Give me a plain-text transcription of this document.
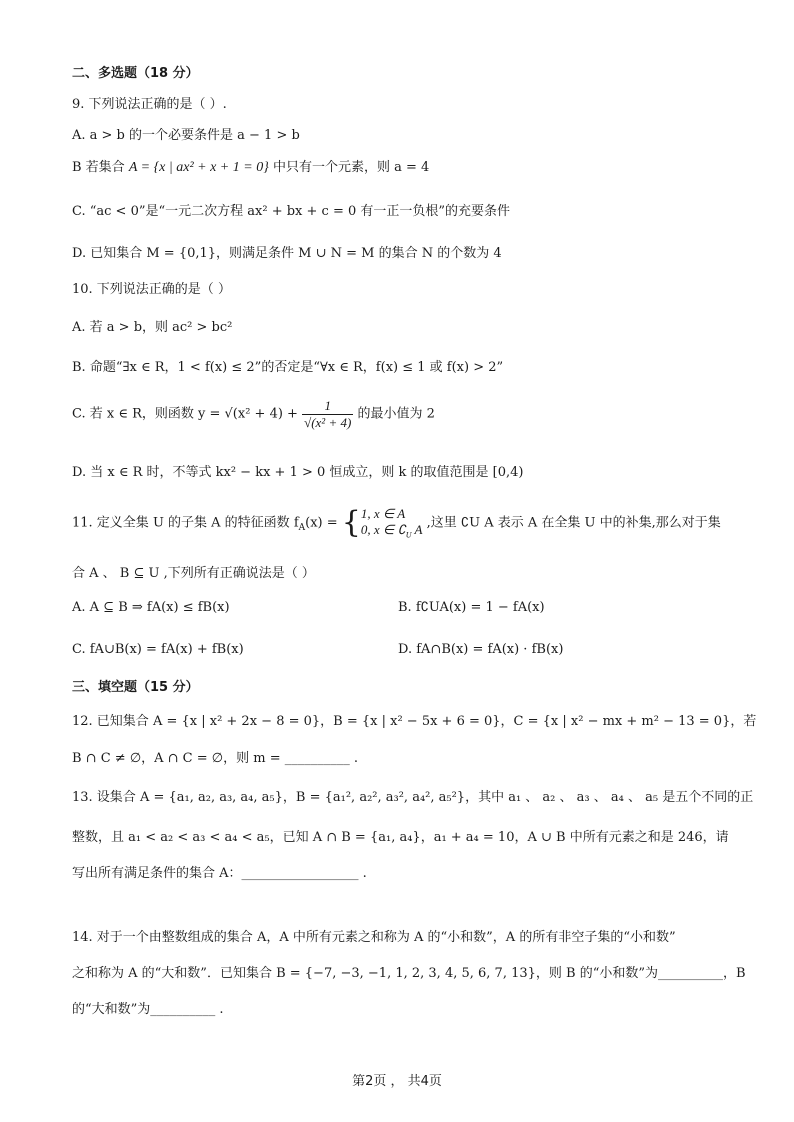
二、多选题（18 分）
9. 下列说法正确的是（ ）.
A. a > b 的一个必要条件是 a − 1 > b
B 若集合 A = {x | ax² + x + 1 = 0} 中只有一个元素，则 a = 4
C. “ac < 0”是“一元二次方程 ax² + bx + c = 0 有一正一负根”的充要条件
D. 已知集合 M = {0,1}，则满足条件 M ∪ N = M 的集合 N 的个数为 4
10. 下列说法正确的是（ ）
A. 若 a > b，则 ac² > bc²
B. 命题“∃x ∈ R，1 < f(x) ≤ 2”的否定是“∀x ∈ R，f(x) ≤ 1 或 f(x) > 2”
C. 若 x ∈ R，则函数 $y = √(x^2 + 4) + \frac{1}{\text{√(x² + 4)}}$ 的最小值为 2
D. 当 x ∈ R 时，不等式 kx² − kx + 1 > 0 恒成立，则 k 的取值范围是 [0,4)
11. 定义全集 U 的子集 A 的特征函数 $f_A(x)$ = { 1, x ∈ A
0, x ∈ $∁_U$ A ,这里 ∁U A 表示 A 在全集 U 中的补集,那么对于集
合 A 、 B ⊆ U ,下列所有正确说法是（ ）
A. A ⊆ B ⇒ fA(x) ≤ fB(x)	B. f∁UA(x) = 1 − fA(x)
C. fA∪B(x) = fA(x) + fB(x)	D. fA∩B(x) = fA(x) · fB(x)
三、填空题（15 分）
12. 已知集合 A = {x | x² + 2x − 8 = 0}，B = {x | x² − 5x + 6 = 0}，C = {x | x² − mx + m² − 13 = 0}，若
B ∩ C ≠ ∅，A ∩ C = ∅，则 m = __________ .
13. 设集合 A = {a₁, a₂, a₃, a₄, a₅}，B = {a₁², a₂², a₃², a₄², a₅²}，其中 a₁ 、 a₂ 、 a₃ 、 a₄ 、 a₅ 是五个不同的正
整数，且 a₁ < a₂ < a₃ < a₄ < a₅，已知 A ∩ B = {a₁, a₄}，a₁ + a₄ = 10，A ∪ B 中所有元素之和是 246，请
写出所有满足条件的集合 A：__________________ .
14. 对于一个由整数组成的集合 A，A 中所有元素之和称为 A 的“小和数”，A 的所有非空子集的“小和数”
之和称为 A 的“大和数”．已知集合 B = {−7, −3, −1, 1, 2, 3, 4, 5, 6, 7, 13}，则 B 的“小和数”为__________，B
的“大和数”为__________ .
第2页 ， 共4页
